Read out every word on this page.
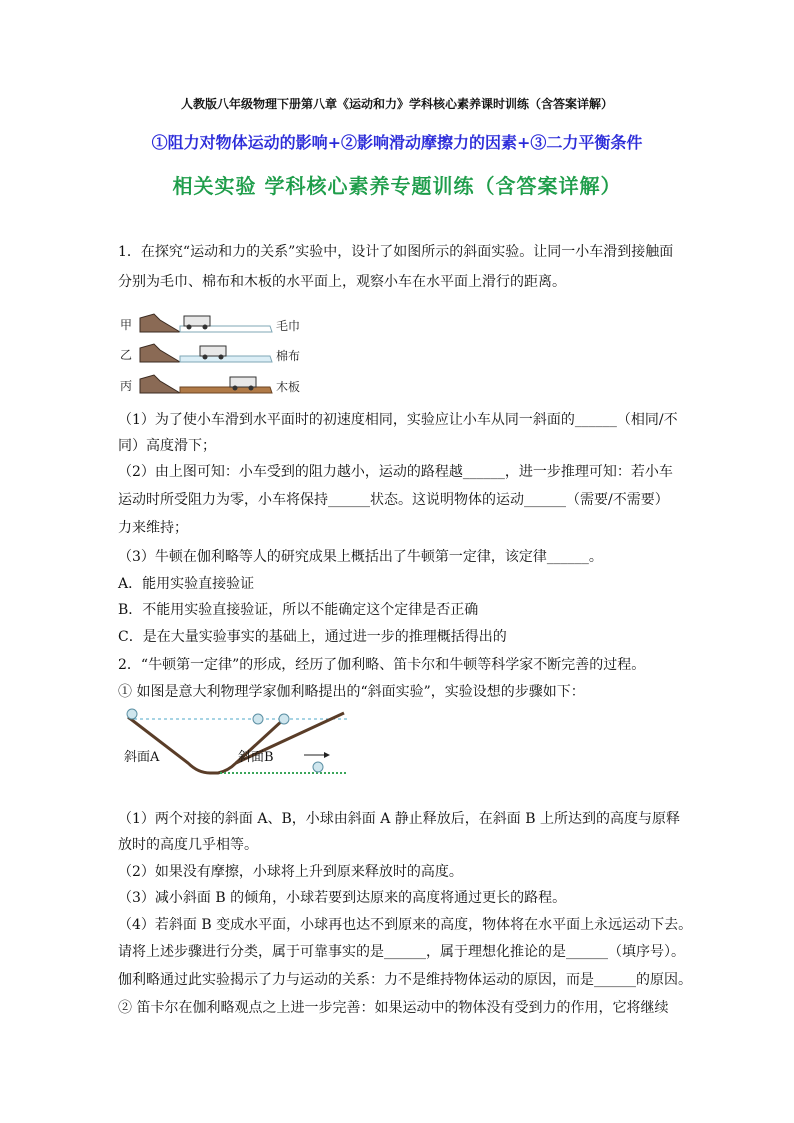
人教版八年级物理下册第八章《运动和力》学科核心素养课时训练（含答案详解）
①阻力对物体运动的影响+②影响滑动摩擦力的因素+③二力平衡条件
相关实验 学科核心素养专题训练（含答案详解）
1．在探究“运动和力的关系”实验中，设计了如图所示的斜面实验。让同一小车滑到接触面
分别为毛巾、棉布和木板的水平面上，观察小车在水平面上滑行的距离。
甲	毛巾
乙	棉布
丙	木板
（1）为了使小车滑到水平面时的初速度相同，实验应让小车从同一斜面的______（相同/不
同）高度滑下；
（2）由上图可知：小车受到的阻力越小，运动的路程越______，进一步推理可知：若小车
运动时所受阻力为零，小车将保持______状态。这说明物体的运动______（需要/不需要）
力来维持；
（3）牛顿在伽利略等人的研究成果上概括出了牛顿第一定律，该定律______。
A．能用实验直接验证
B．不能用实验直接验证，所以不能确定这个定律是否正确
C．是在大量实验事实的基础上，通过进一步的推理概括得出的
2．“牛顿第一定律”的形成，经历了伽利略、笛卡尔和牛顿等科学家不断完善的过程。
① 如图是意大利物理学家伽利略提出的“斜面实验”，实验设想的步骤如下：
斜面A	斜面B
（1）两个对接的斜面 A、B，小球由斜面 A 静止释放后，在斜面 B 上所达到的高度与原释
放时的高度几乎相等。
（2）如果没有摩擦，小球将上升到原来释放时的高度。
（3）减小斜面 B 的倾角，小球若要到达原来的高度将通过更长的路程。
（4）若斜面 B 变成水平面，小球再也达不到原来的高度，物体将在水平面上永远运动下去。
请将上述步骤进行分类，属于可靠事实的是______，属于理想化推论的是______（填序号）。
伽利略通过此实验揭示了力与运动的关系：力不是维持物体运动的原因，而是______的原因。
② 笛卡尔在伽利略观点之上进一步完善：如果运动中的物体没有受到力的作用，它将继续
